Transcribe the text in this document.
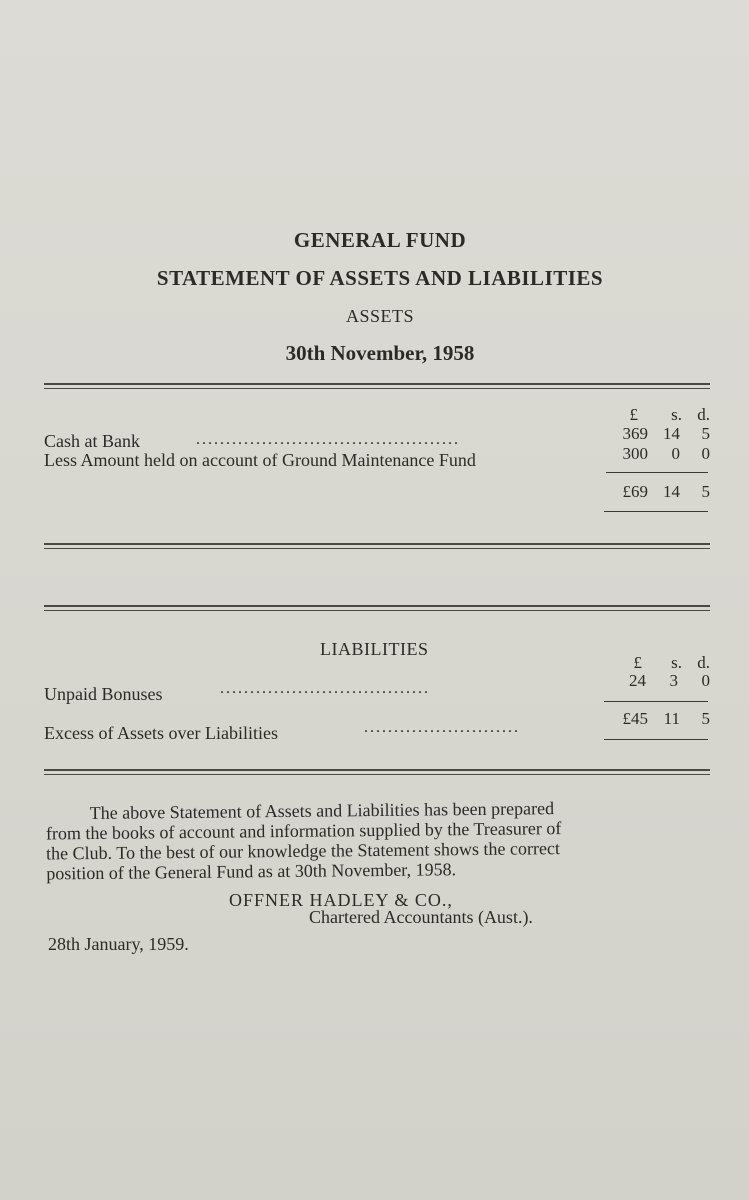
GENERAL FUND
STATEMENT OF ASSETS AND LIABILITIES
ASSETS
30th November, 1958
£	s. d.
Cash at Bank	............................................	369 14	5
Less Amount held on account of Ground Maintenance Fund	300	0	0
£69 14	5
LIABILITIES
£	s. d.
Unpaid Bonuses	...................................	24	3	0
Excess of Assets over Liabilities	..........................	£45 11	5
The above Statement of Assets and Liabilities has been prepared
from the books of account and information supplied by the Treasurer of
the Club. To the best of our knowledge the Statement shows the correct
position of the General Fund as at 30th November, 1958.
OFFNER HADLEY & CO.,
Chartered Accountants (Aust.).
28th January, 1959.
